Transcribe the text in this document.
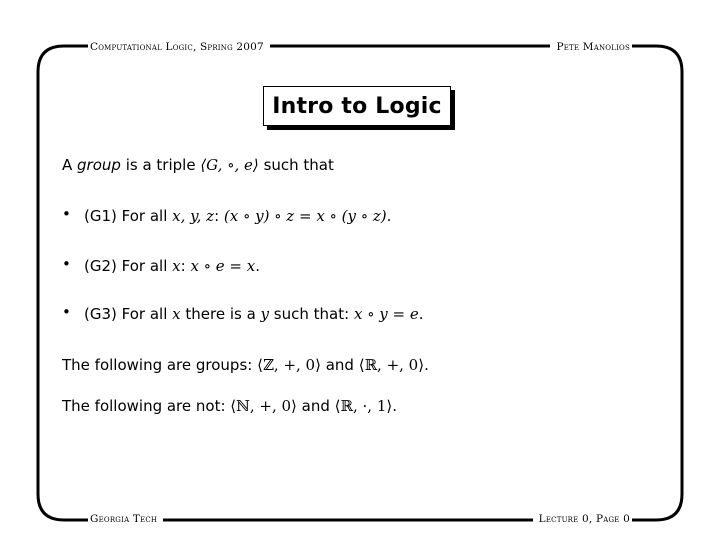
Computational Logic, Spring 2007	Pete Manolios
Georgia Tech	Lecture 0, Page 0
Intro to Logic
A group is a triple ⟨G, ∘, e⟩ such that
• (G1) For all x, y, z: (x ∘ y) ∘ z = x ∘ (y ∘ z).
• (G2) For all x: x ∘ e = x.
• (G3) For all x there is a y such that: x ∘ y = e.
The following are groups: ⟨ℤ, +, 0⟩ and ⟨ℝ, +, 0⟩.
The following are not: ⟨ℕ, +, 0⟩ and ⟨ℝ, ·, 1⟩.
